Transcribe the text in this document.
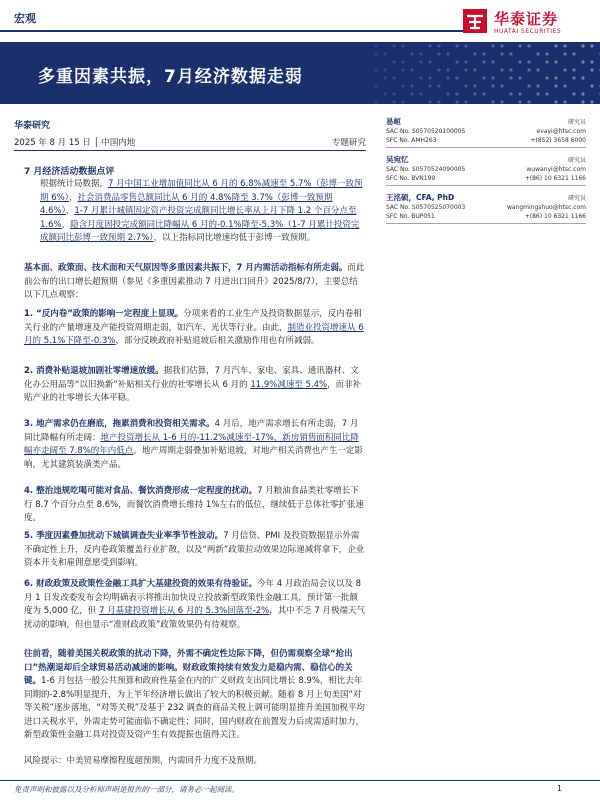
宏观	华泰证券
HUATAI SECURITIES
多重因素共振，7月经济数据走弱
华泰研究
2025 年 8 月 15 日 │ 中国内地	专题研究
7 月经济活动数据点评
根据统计局数据，7 月中国工业增加值同比从 6 月的 6.8%减速至 5.7%（彭博一致预期 6%），社会消费品零售总额同比从 6 月的 4.8%降至 3.7%（彭博一致预期 4.6%），1-7 月累计城镇固定资产投资完成额同比增长率从上月下降 1.2 个百分点至 1.6%，隐含月度固投完成额同比降幅从 6 月的-0.1%降至-5.3%（1-7 月累计投资完成额同比彭博一致预期 2.7%），以上指标同比增速均低于彭博一致预期。
基本面、政策面、技术面和天气原因等多重因素共振下，7 月内需活动指标有所走弱。而此前公布的出口增长超预期（参见《多重因素推动 7 月进出口回升》2025/8/7），主要总结以下几点观察：
1. “反内卷”政策的影响一定程度上显现。分项来看的工业生产及投资数据显示，反内卷相关行业的产量增速及产能投资周期走弱，如汽车、光伏等行业。由此，制造业投资增速从 6 月的 5.1%下降至-0.3%，部分反映政府补贴退坡后相关激励作用也有所减弱。
2. 消费补贴退坡加剧社零增速放缓。据我们估算，7 月汽车、家电、家具、通讯器材、文化办公用品等“以旧换新”补贴相关行业的社零增长从 6 月的 11.9%减速至 5.4%，而非补贴产业的社零增长大体平稳。
3. 地产需求仍在磨底，拖累消费和投资相关需求。4 月后，地产需求增长有所走弱，7 月同比降幅有所走阔：地产投资增长从 1-6 月的-11.2%减速至-17%，新房销售面积同比降幅亦走阔至 7.8%的年内低点。地产周期走弱叠加补贴退坡，对地产相关消费也产生一定影响，尤其建筑装潢类产品。
4. 整治违规吃喝可能对食品、餐饮消费形成一定程度的扰动。7 月粮油食品类社零增长下行 8.7 个百分点至 8.6%，而餐饮消费增长维持 1%左右的低位，继续低于总体社零扩张速度。
5. 季度因素叠加扰动下城镇调查失业率季节性波动。7 月信贷、PMI 及投资数据显示外需不确定性上升，反内卷政策覆盖行业扩散，以及“两新”政策拉动效果边际递减将拿下，企业资本开支和雇佣意愿受到影响。
6. 财政政策及政策性金融工具扩大基建投资的效果有待验证。今年 4 月政治局会议以及 8 月 1 日发改委发布会均明确表示将推出加快设立投放新型政策性金融工具，预计第一批额度为 5,000 亿，但 7 月基建投资增长从 6 月的 5.3%回落至-2%，其中不乏 7 月极端天气扰动的影响，但也显示“准财政政策”政策效果仍有待观察。
往前看，随着美国关税政策的扰动下降，外需不确定性边际下降，但仍需观察全球“抢出口”热潮退却后全球贸易活动减速的影响。财政政策持续有效发力是稳内需、稳信心的关键。1-6 月包括一般公共预算和政府性基金在内的广义财政支出同比增长 8.9%，相比去年同期的-2.8%明显提升，为上半年经济增长做出了较大的积极贡献。随着 8 月上旬美国“对等关税”逐步落地，“对等关税”及基于 232 调查的商品关税上调可能明显推升美国加税平均进口关税水平，外需走势可能面临不确定性；同时，国内财政在前置发力后或需适时加力，新型政策性金融工具对投资及资产生有效提振也值得关注。
风险提示：中美贸易摩擦程度超预期，内需回升力度不及预期。
易峘	研究员
SAC No. S0570520100005	evayi@htsc.com
SFC No. AMH263	+(852) 3658 6000
吴宛忆	研究员
SAC No. S0570524090005	wuwanyi@htsc.com
SFC No. BVN199	+(86) 10 6321 1166
王洺硕，CFA, PhD	研究员
SAC No. S0570525070003	wangmingshuo@htsc.com
SFC No. BUP051	+(86) 10 6321 1166
免责声明和披露以及分析师声明是报告的一部分，请务必一起阅读。	1
